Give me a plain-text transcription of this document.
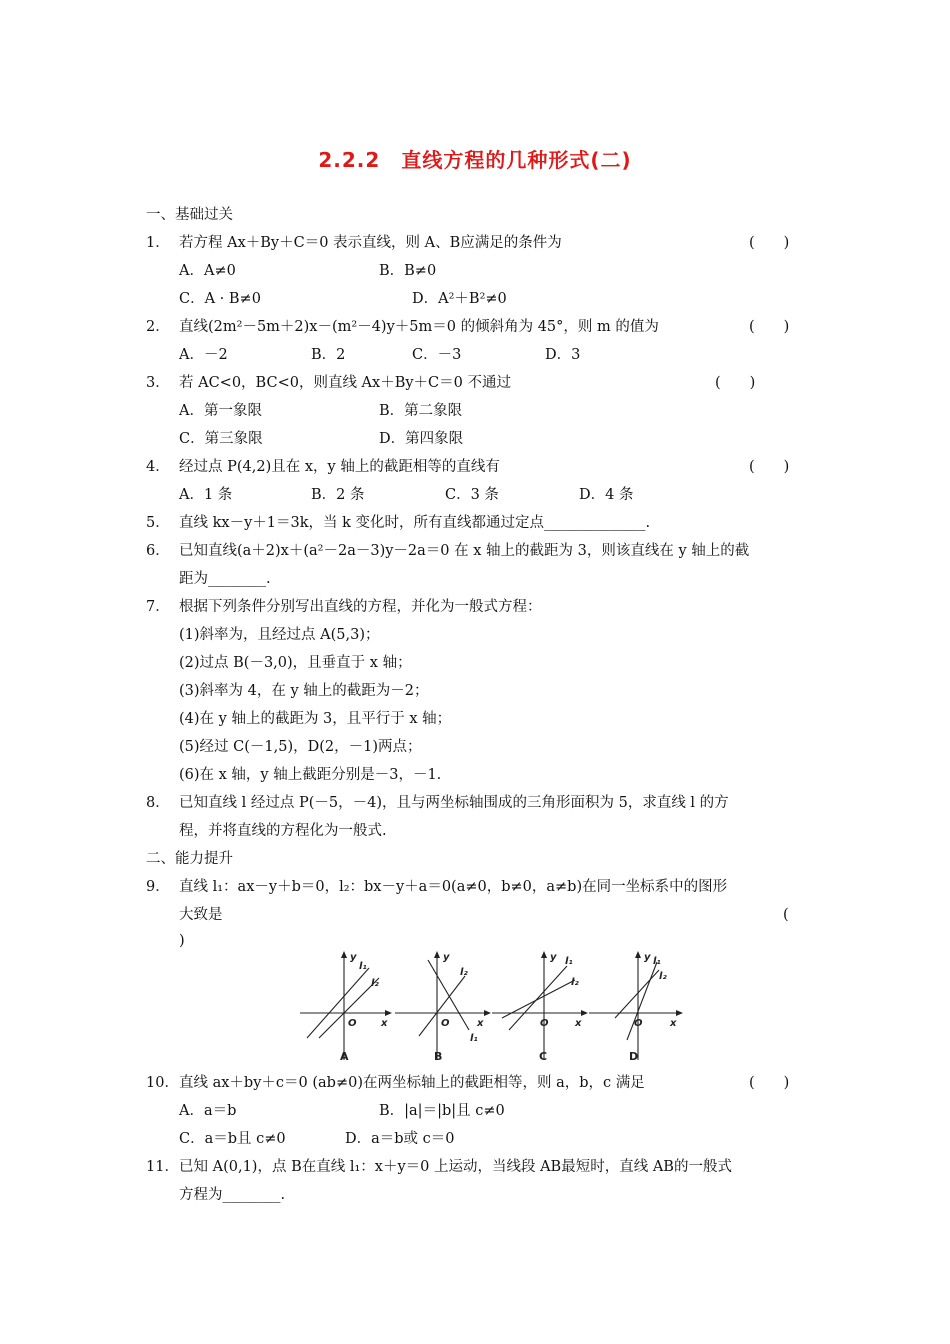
2.2.2　直线方程的几种形式(二)
一、基础过关
1． 若方程 Ax＋By＋C＝0 表示直线，则 A、B应满足的条件为	(　　)
A．A≠0	B．B≠0
C．A · B≠0	D．A²＋B²≠0
2． 直线(2m²－5m＋2)x－(m²－4)y＋5m＝0 的倾斜角为 45°，则 m 的值为	(　　)
A．－2	B．2	C．－3	D．3
3． 若 AC<0，BC<0，则直线 Ax＋By＋C＝0 不通过	(　　)
A．第一象限	B．第二象限
C．第三象限	D．第四象限
4． 经过点 P(4,2)且在 x，y 轴上的截距相等的直线有	(　　)
A．1 条	B．2 条	C．3 条	D．4 条
5． 直线 kx－y＋1＝3k，当 k 变化时，所有直线都通过定点______________.
6． 已知直线(a＋2)x＋(a²－2a－3)y－2a＝0 在 x 轴上的截距为 3，则该直线在 y 轴上的截
距为________.
7． 根据下列条件分别写出直线的方程，并化为一般式方程：
(1)斜率为，且经过点 A(5,3)；
(2)过点 B(－3,0)，且垂直于 x 轴；
(3)斜率为 4，在 y 轴上的截距为－2；
(4)在 y 轴上的截距为 3，且平行于 x 轴；
(5)经过 C(－1,5)，D(2，－1)两点；
(6)在 x 轴，y 轴上截距分别是－3，－1.
8． 已知直线 l 经过点 P(－5，－4)，且与两坐标轴围成的三角形面积为 5，求直线 l 的方
程，并将直线的方程化为一般式.
二、能力提升
9． 直线 l₁：ax－y＋b＝0，l₂：bx－y＋a＝0(a≠0，b≠0，a≠b)在同一坐标系中的图形
大致是	(
)
y
x
O
l₁
l₂
y
x
O
l₂
l₁
y
x
O
l₁
l₂
y
x
O
l₁
l₂
A	B	C	D
10． 直线 ax＋by＋c＝0 (ab≠0)在两坐标轴上的截距相等，则 a，b，c 满足	(　　)
A．a＝b	B．|a|＝|b|且 c≠0
C．a＝b且 c≠0	D．a＝b或 c＝0
11． 已知 A(0,1)，点 B在直线 l₁：x＋y＝0 上运动，当线段 AB最短时，直线 AB的一般式
方程为________.
